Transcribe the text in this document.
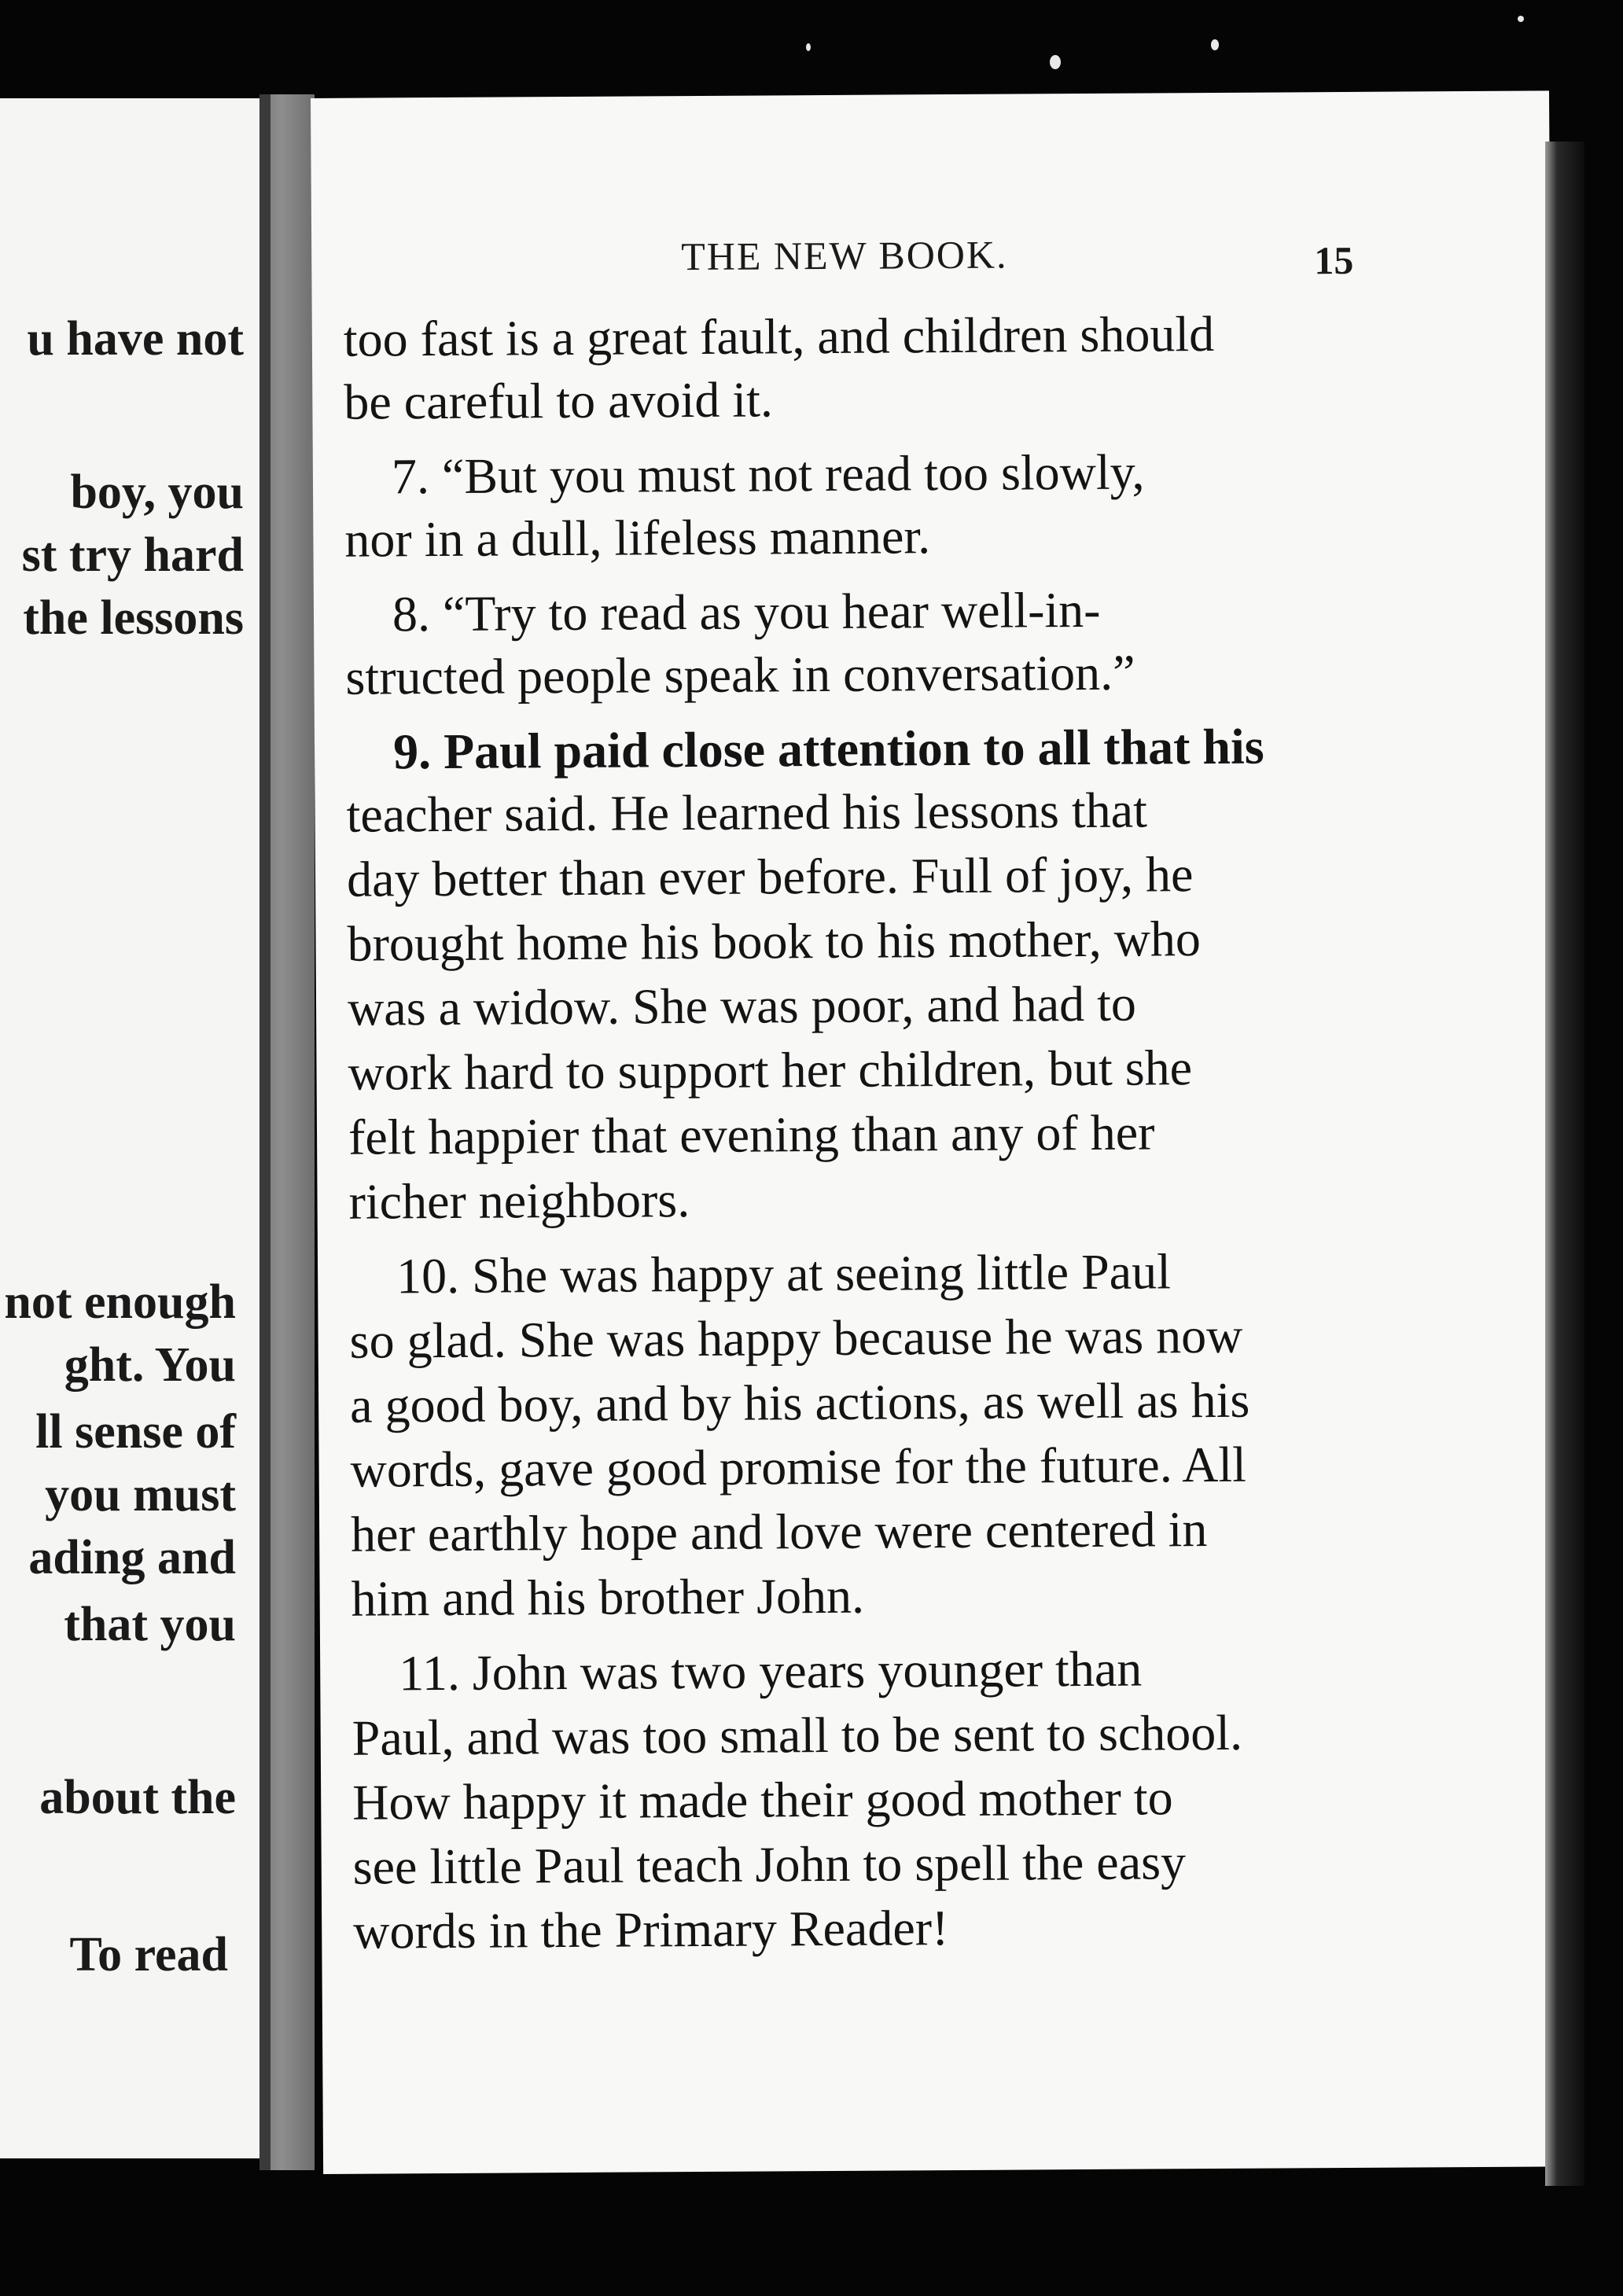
u have not
boy, you
st try hard
the lessons
not enough
ght. You
ll sense of
you must
ading and
that you
about the
To read
THE NEW BOOK.	15
too fast is a great fault, and children should
be careful to avoid it.
7. “But you must not read too slowly,
nor in a dull, lifeless manner.
8. “Try to read as you hear well-in-
structed people speak in conversation.”
9. Paul paid close attention to all that his
teacher said. He learned his lessons that
day better than ever before. Full of joy, he
brought home his book to his mother, who
was a widow. She was poor, and had to
work hard to support her children, but she
felt happier that evening than any of her
richer neighbors.
10. She was happy at seeing little Paul
so glad. She was happy because he was now
a good boy, and by his actions, as well as his
words, gave good promise for the future. All
her earthly hope and love were centered in
him and his brother John.
11. John was two years younger than
Paul, and was too small to be sent to school.
How happy it made their good mother to
see little Paul teach John to spell the easy
words in the Primary Reader!
